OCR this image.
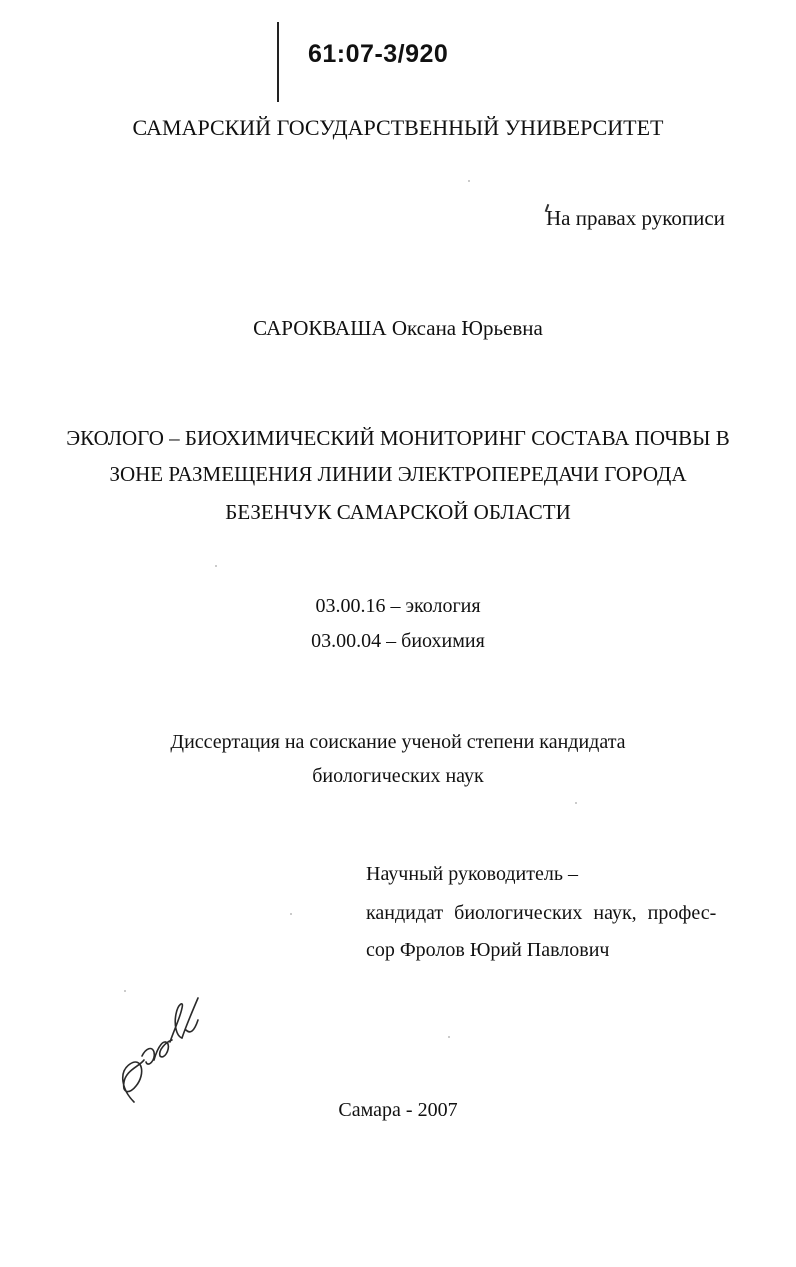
61:07-3/920
САМАРСКИЙ ГОСУДАРСТВЕННЫЙ УНИВЕРСИТЕТ
На правах рукописи
САРОКВАША Оксана Юрьевна
ЭКОЛОГО – БИОХИМИЧЕСКИЙ МОНИТОРИНГ СОСТАВА ПОЧВЫ В
ЗОНЕ РАЗМЕЩЕНИЯ ЛИНИИ ЭЛЕКТРОПЕРЕДАЧИ ГОРОДА
БЕЗЕНЧУК САМАРСКОЙ ОБЛАСТИ
03.00.16 – экология
03.00.04 – биохимия
Диссертация на соискание ученой степени кандидата
биологических наук
Научный руководитель –
кандидат биологических наук, профес-
сор Фролов Юрий Павлович
Самара - 2007
